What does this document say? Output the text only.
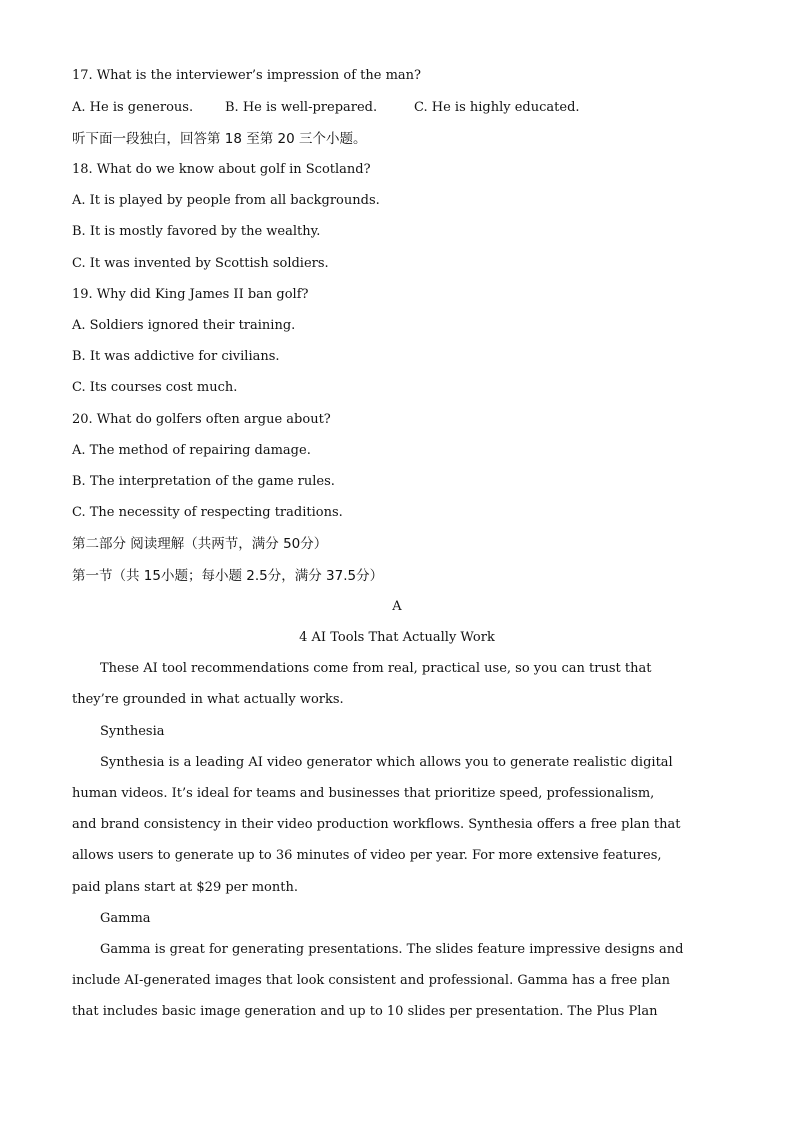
17. What is the interviewer’s impression of the man?

A. He is generous.

B. He is well-prepared.

	C. He is highly educated.

听下面一段独白，回答第 18 至第 20 三个小题。
18. What do we know about golf in Scotland?
A. It is played by people from all backgrounds.
B. It is mostly favored by the wealthy.
C. It was invented by Scottish soldiers.
19. Why did King James II ban golf?
A. Soldiers ignored their training.
B. It was addictive for civilians.
C. Its courses cost much.
20. What do golfers often argue about?
A. The method of repairing damage.
B. The interpretation of the game rules.
C. The necessity of respecting traditions.
第二部分 阅读理解（共两节，满分 50分）
第一节（共 15小题；每小题 2.5分，满分 37.5分）
A
4 AI Tools That Actually Work
These AI tool recommendations come from real, practical use, so you can trust that
they’re grounded in what actually works.
Synthesia
Synthesia is a leading AI video generator which allows you to generate realistic digital
human videos. It’s ideal for teams and businesses that prioritize speed, professionalism,
and brand consistency in their video production workflows. Synthesia offers a free plan that
allows users to generate up to 36 minutes of video per year. For more extensive features,
paid plans start at $29 per month.
Gamma
Gamma is great for generating presentations. The slides feature impressive designs and
include AI-generated images that look consistent and professional. Gamma has a free plan
that includes basic image generation and up to 10 slides per presentation. The Plus Plan
